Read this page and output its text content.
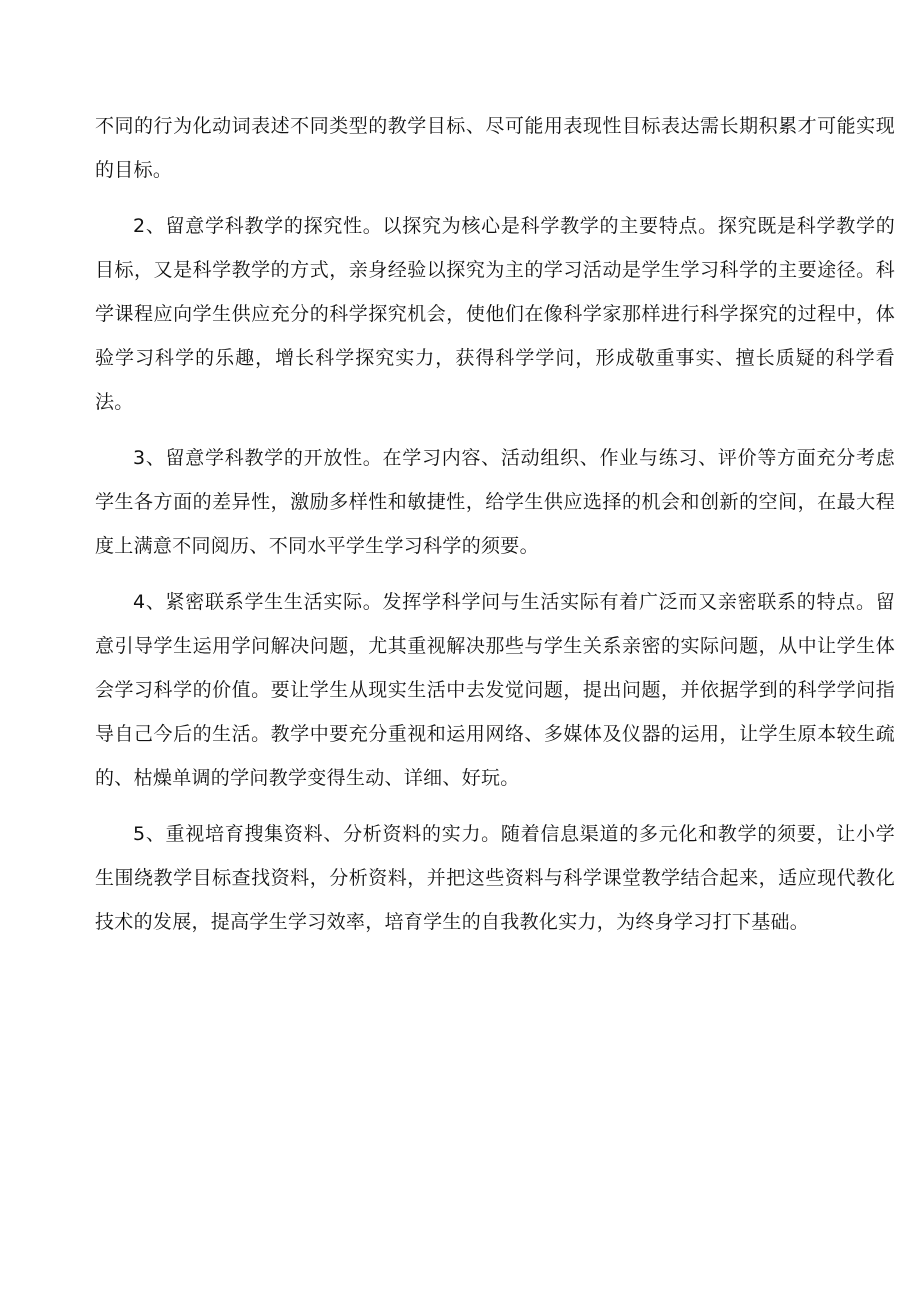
不同的行为化动词表述不同类型的教学目标、尽可能用表现性目标表达需长期积累才可能实现的目标。

2、留意学科教学的探究性。以探究为核心是科学教学的主要特点。探究既是科学教学的目标，又是科学教学的方式，亲身经验以探究为主的学习活动是学生学习科学的主要途径。科学课程应向学生供应充分的科学探究机会，使他们在像科学家那样进行科学探究的过程中，体验学习科学的乐趣，增长科学探究实力，获得科学学问，形成敬重事实、擅长质疑的科学看法。

3、留意学科教学的开放性。在学习内容、活动组织、作业与练习、评价等方面充分考虑学生各方面的差异性，激励多样性和敏捷性，给学生供应选择的机会和创新的空间，在最大程度上满意不同阅历、不同水平学生学习科学的须要。

4、紧密联系学生生活实际。发挥学科学问与生活实际有着广泛而又亲密联系的特点。留意引导学生运用学问解决问题，尤其重视解决那些与学生关系亲密的实际问题，从中让学生体会学习科学的价值。要让学生从现实生活中去发觉问题，提出问题，并依据学到的科学学问指导自己今后的生活。教学中要充分重视和运用网络、多媒体及仪器的运用，让学生原本较生疏的、枯燥单调的学问教学变得生动、详细、好玩。

5、重视培育搜集资料、分析资料的实力。随着信息渠道的多元化和教学的须要，让小学生围绕教学目标查找资料，分析资料，并把这些资料与科学课堂教学结合起来，适应现代教化技术的发展，提高学生学习效率，培育学生的自我教化实力，为终身学习打下基础。
